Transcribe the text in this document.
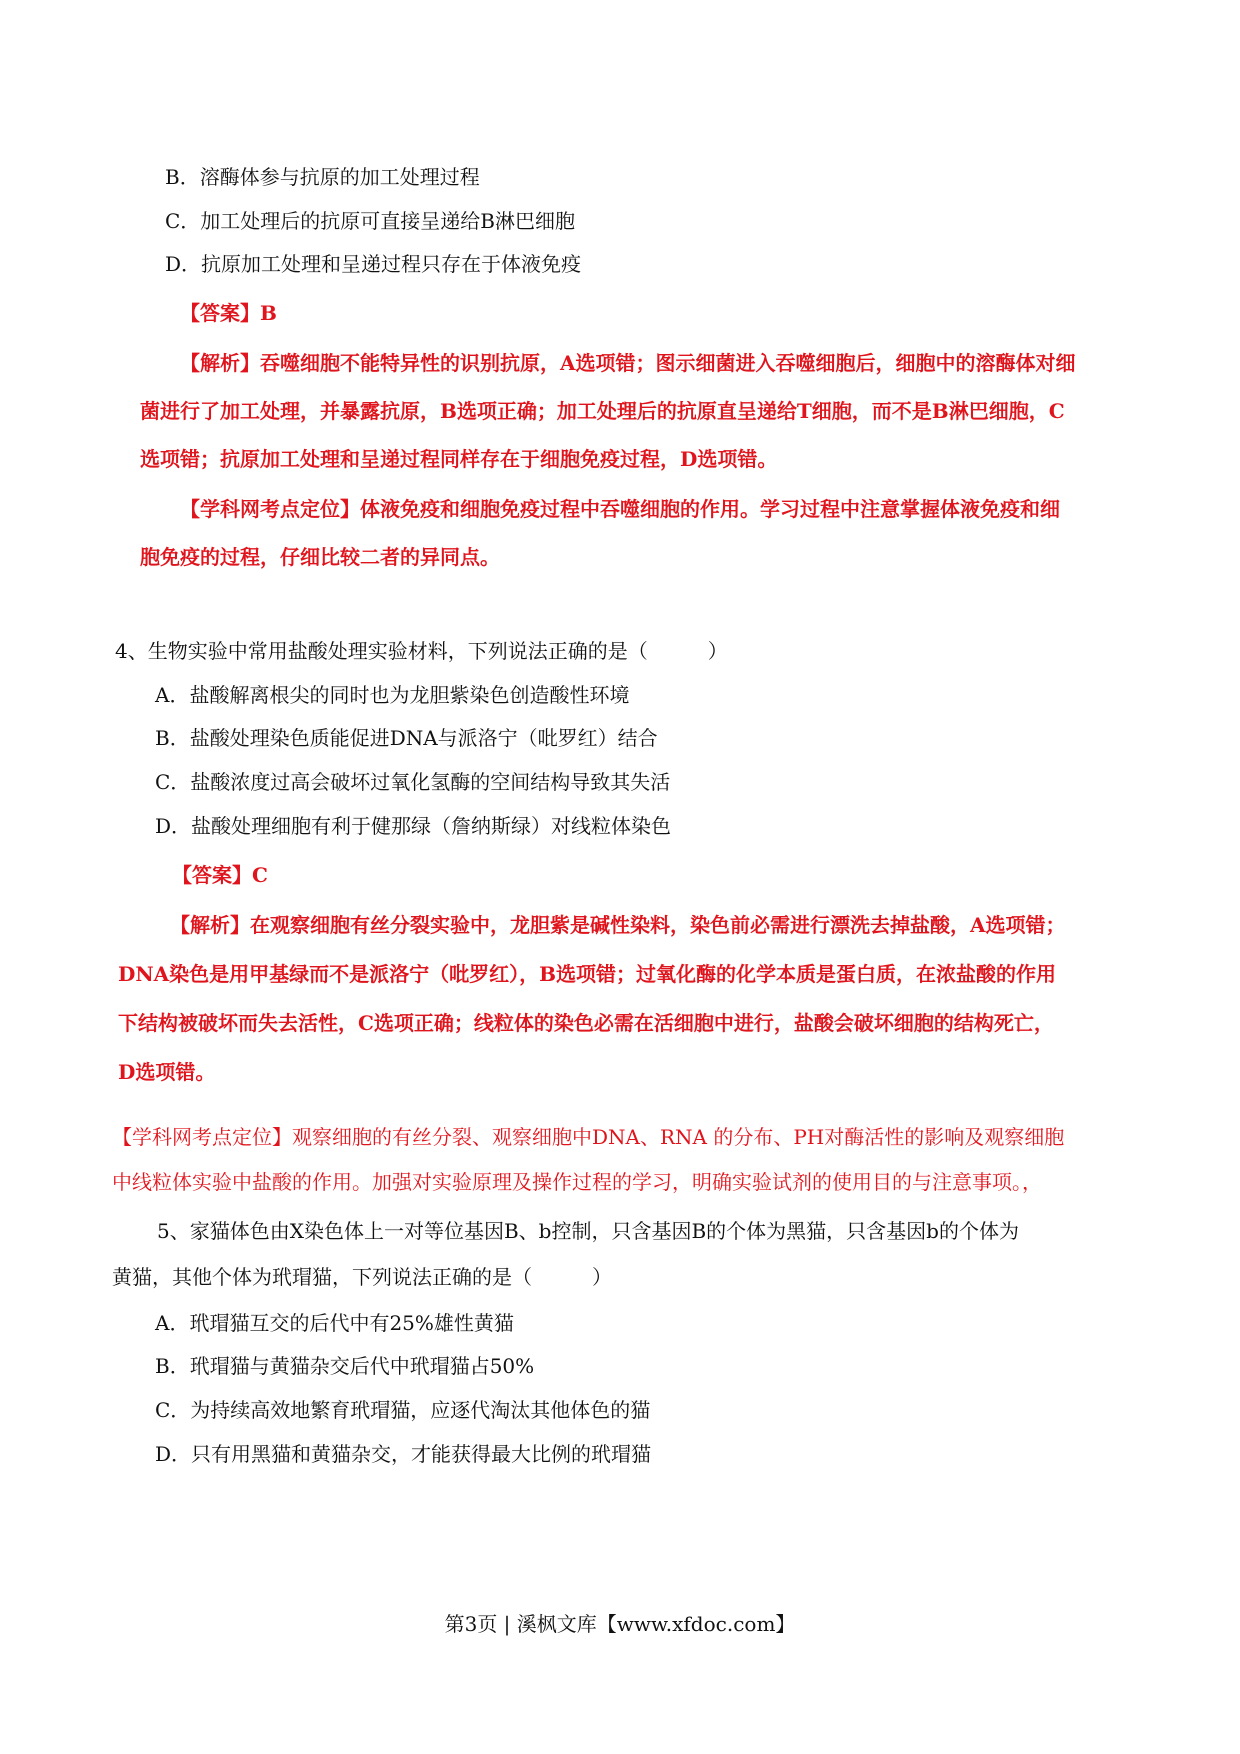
B．溶酶体参与抗原的加工处理过程
C．加工处理后的抗原可直接呈递给B淋巴细胞
D．抗原加工处理和呈递过程只存在于体液免疫
【答案】B
【解析】吞噬细胞不能特异性的识别抗原，A选项错；图示细菌进入吞噬细胞后，细胞中的溶酶体对细
菌进行了加工处理，并暴露抗原，B选项正确；加工处理后的抗原直呈递给T细胞，而不是B淋巴细胞，C
选项错；抗原加工处理和呈递过程同样存在于细胞免疫过程，D选项错。
【学科网考点定位】体液免疫和细胞免疫过程中吞噬细胞的作用。学习过程中注意掌握体液免疫和细
胞免疫的过程，仔细比较二者的异同点。
4、生物实验中常用盐酸处理实验材料，下列说法正确的是（　　　）
A．盐酸解离根尖的同时也为龙胆紫染色创造酸性环境
B．盐酸处理染色质能促进DNA与派洛宁（吡罗红）结合
C．盐酸浓度过高会破坏过氧化氢酶的空间结构导致其失活
D．盐酸处理细胞有利于健那绿（詹纳斯绿）对线粒体染色
【答案】C
【解析】在观察细胞有丝分裂实验中，龙胆紫是碱性染料，染色前必需进行漂洗去掉盐酸，A选项错；
DNA染色是用甲基绿而不是派洛宁（吡罗红），B选项错；过氧化酶的化学本质是蛋白质，在浓盐酸的作用
下结构被破坏而失去活性，C选项正确；线粒体的染色必需在活细胞中进行，盐酸会破坏细胞的结构死亡，
D选项错。
【学科网考点定位】观察细胞的有丝分裂、观察细胞中DNA、RNA 的分布、PH对酶活性的影响及观察细胞
中线粒体实验中盐酸的作用。加强对实验原理及操作过程的学习，明确实验试剂的使用目的与注意事项。，
5、家猫体色由X染色体上一对等位基因B、b控制，只含基因B的个体为黑猫，只含基因b的个体为
黄猫，其他个体为玳瑁猫，下列说法正确的是（　　　）
A．玳瑁猫互交的后代中有25%雄性黄猫
B．玳瑁猫与黄猫杂交后代中玳瑁猫占50%
C．为持续高效地繁育玳瑁猫，应逐代淘汰其他体色的猫
D．只有用黑猫和黄猫杂交，才能获得最大比例的玳瑁猫
第3页 | 溪枫文库【www.xfdoc.com】
